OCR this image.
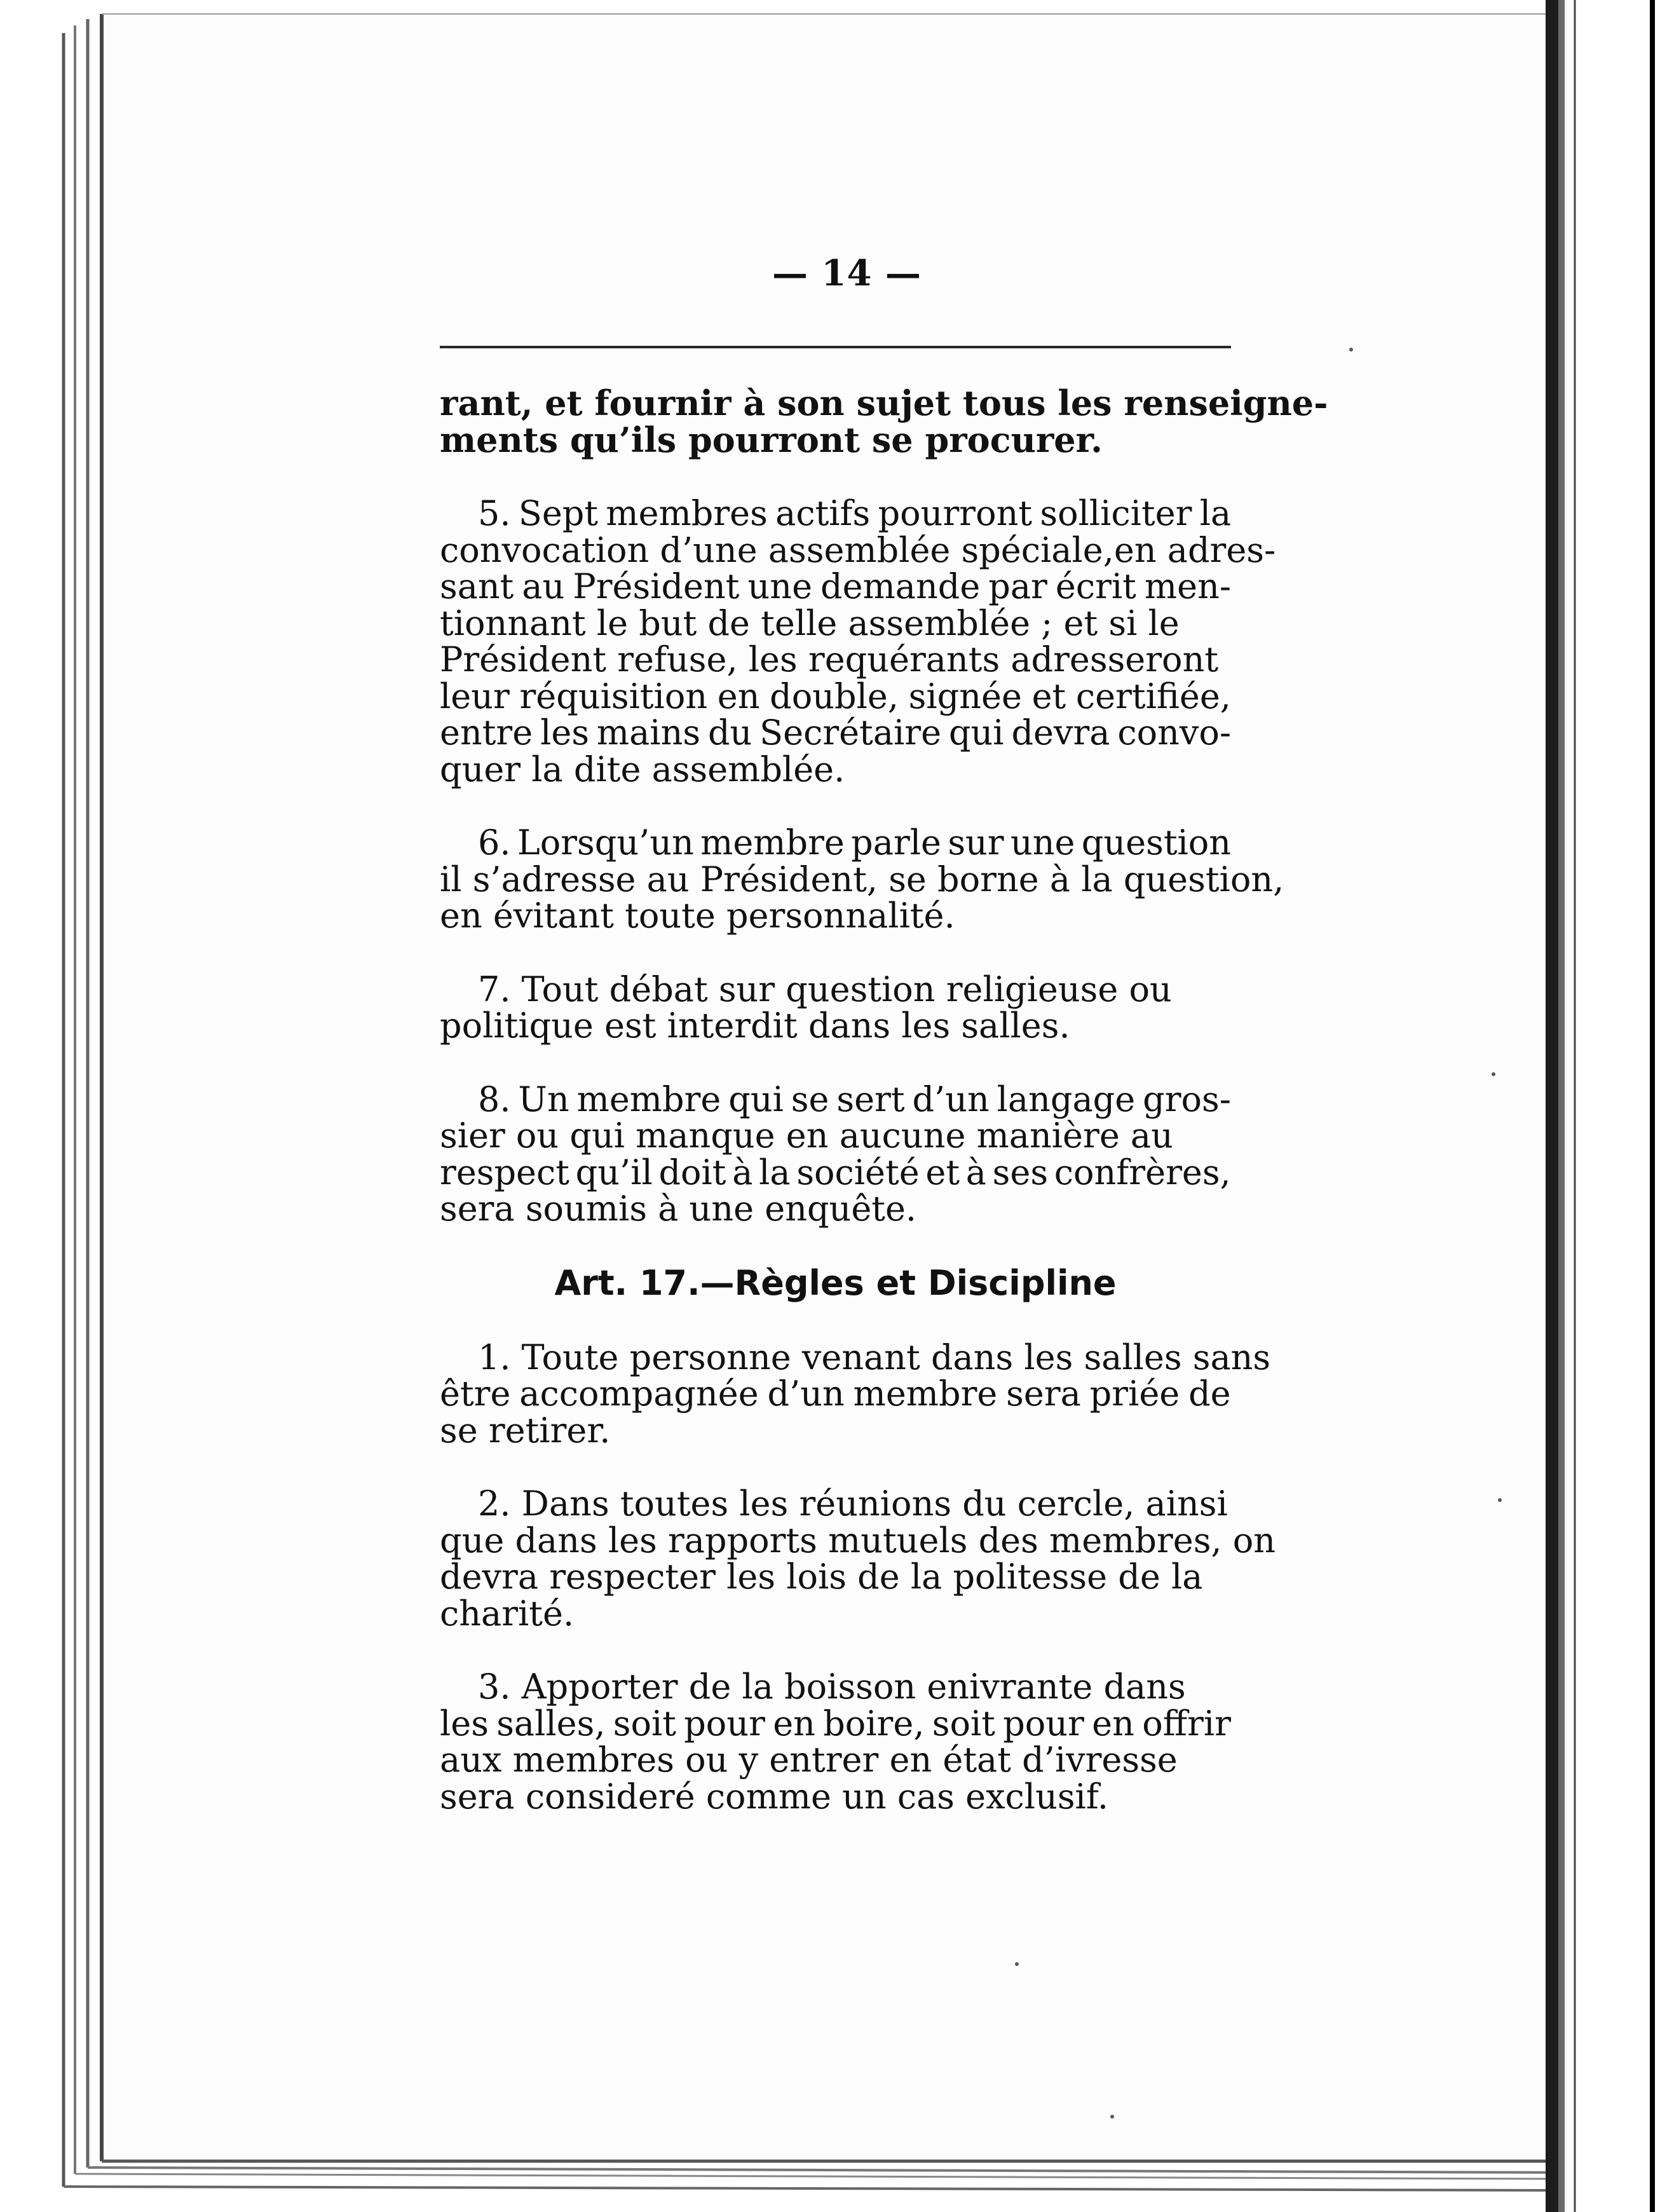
— 14 —

rant, et fournir à son sujet tous les renseigne-
ments qu’ils pourront se procurer.

5. Sept membres actifs pourront solliciter la
convocation d’une assemblée spéciale,en adres-
sant au Président une demande par écrit men-
tionnant le but de telle assemblée ; et si le
Président refuse, les requérants adresseront
leur réquisition en double, signée et certifiée,
entre les mains du Secrétaire qui devra convo-
quer la dite assemblée.

6. Lorsqu’un membre parle sur une question
il s’adresse au Président, se borne à la question,
en évitant toute personnalité.

7. Tout débat sur question religieuse ou
politique est interdit dans les salles.

8. Un membre qui se sert d’un langage gros-
sier ou qui manque en aucune manière au
respect qu’il doit à la société et à ses confrères,
sera soumis à une enquête.

Art. 17.—Règles et Discipline

1. Toute personne venant dans les salles sans
être accompagnée d’un membre sera priée de
se retirer.

2. Dans toutes les réunions du cercle, ainsi
que dans les rapports mutuels des membres, on
devra respecter les lois de la politesse de la
charité.

3. Apporter de la boisson enivrante dans
les salles, soit pour en boire, soit pour en offrir
aux membres ou y entrer en état d’ivresse
sera consideré comme un cas exclusif.
